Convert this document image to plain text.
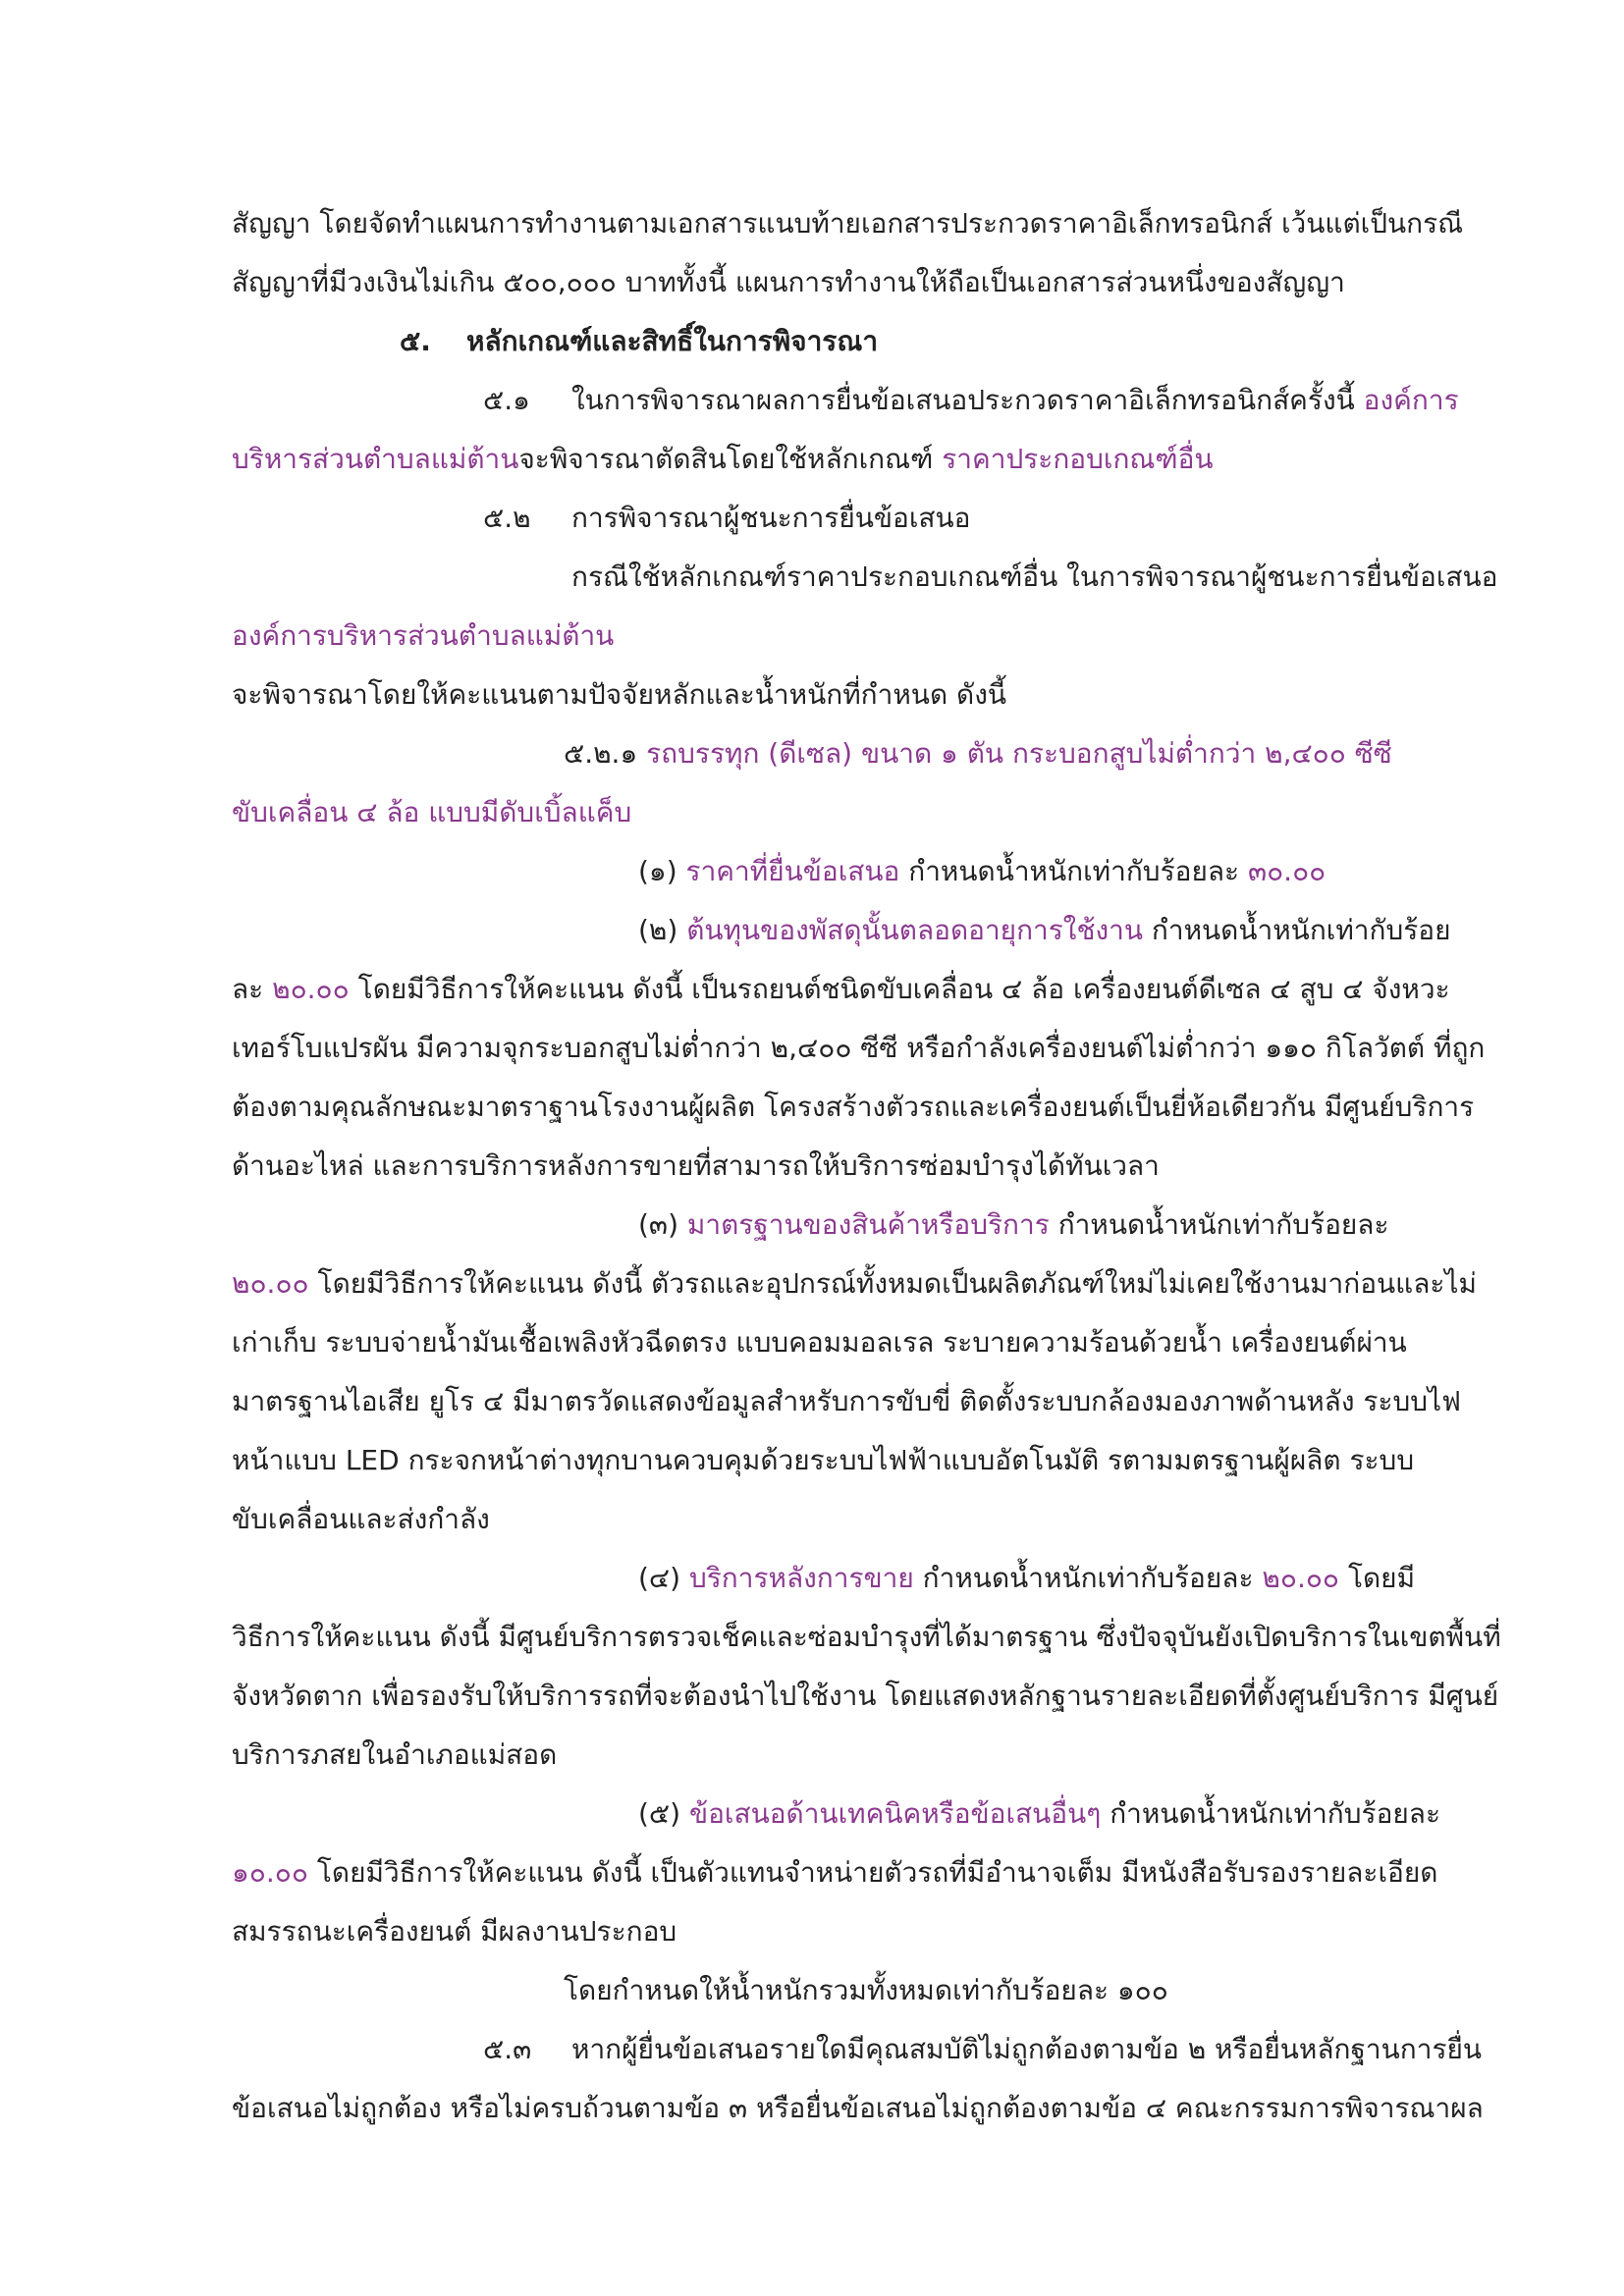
สัญญา โดยจัดทำแผนการทำงานตามเอกสารแนบท้ายเอกสารประกวดราคาอิเล็กทรอนิกส์ เว้นแต่เป็นกรณี
สัญญาที่มีวงเงินไม่เกิน ๕๐๐,๐๐๐ บาททั้งนี้ แผนการทำงานให้ถือเป็นเอกสารส่วนหนึ่งของสัญญา
๕. หลักเกณฑ์และสิทธิ์ในการพิจารณา
๕.๑ ในการพิจารณาผลการยื่นข้อเสนอประกวดราคาอิเล็กทรอนิกส์ครั้งนี้ องค์การ
บริหารส่วนตำบลแม่ต้านจะพิจารณาตัดสินโดยใช้หลักเกณฑ์ ราคาประกอบเกณฑ์อื่น
๕.๒ การพิจารณาผู้ชนะการยื่นข้อเสนอ
กรณีใช้หลักเกณฑ์ราคาประกอบเกณฑ์อื่น ในการพิจารณาผู้ชนะการยื่นข้อเสนอ
องค์การบริหารส่วนตำบลแม่ต้าน
จะพิจารณาโดยให้คะแนนตามปัจจัยหลักและน้ำหนักที่กำหนด ดังนี้
๕.๒.๑ รถบรรทุก (ดีเซล) ขนาด ๑ ตัน กระบอกสูบไม่ต่ำกว่า ๒,๔๐๐ ซีซี
ขับเคลื่อน ๔ ล้อ แบบมีดับเบิ้ลแค็บ
(๑) ราคาที่ยื่นข้อเสนอ กำหนดน้ำหนักเท่ากับร้อยละ ๓๐.๐๐
(๒) ต้นทุนของพัสดุนั้นตลอดอายุการใช้งาน กำหนดน้ำหนักเท่ากับร้อย
ละ ๒๐.๐๐ โดยมีวิธีการให้คะแนน ดังนี้ เป็นรถยนต์ชนิดขับเคลื่อน ๔ ล้อ เครื่องยนต์ดีเซล ๔ สูบ ๔ จังหวะ
เทอร์โบแปรผัน มีความจุกระบอกสูบไม่ต่ำกว่า ๒,๔๐๐ ซีซี หรือกำลังเครื่องยนต์ไม่ต่ำกว่า ๑๑๐ กิโลวัตต์ ที่ถูก
ต้องตามคุณลักษณะมาตราฐานโรงงานผู้ผลิต โครงสร้างตัวรถและเครื่องยนต์เป็นยี่ห้อเดียวกัน มีศูนย์บริการ
ด้านอะไหล่ และการบริการหลังการขายที่สามารถให้บริการซ่อมบำรุงได้ทันเวลา
(๓) มาตรฐานของสินค้าหรือบริการ กำหนดน้ำหนักเท่ากับร้อยละ
๒๐.๐๐ โดยมีวิธีการให้คะแนน ดังนี้ ตัวรถและอุปกรณ์ทั้งหมดเป็นผลิตภัณฑ์ใหม่ไม่เคยใช้งานมาก่อนและไม่
เก่าเก็บ ระบบจ่ายน้ำมันเชื้อเพลิงหัวฉีดตรง แบบคอมมอลเรล ระบายความร้อนด้วยน้ำ เครื่องยนต์ผ่าน
มาตรฐานไอเสีย ยูโร ๔ มีมาตรวัดแสดงข้อมูลสำหรับการขับขี่ ติดตั้งระบบกล้องมองภาพด้านหลัง ระบบไฟ
หน้าแบบ LED กระจกหน้าต่างทุกบานควบคุมด้วยระบบไฟฟ้าแบบอัตโนมัติ รตามมตรฐานผู้ผลิต ระบบ
ขับเคลื่อนและส่งกำลัง
(๔) บริการหลังการขาย กำหนดน้ำหนักเท่ากับร้อยละ ๒๐.๐๐ โดยมี
วิธีการให้คะแนน ดังนี้ มีศูนย์บริการตรวจเช็คและซ่อมบำรุงที่ได้มาตรฐาน ซึ่งปัจจุบันยังเปิดบริการในเขตพื้นที่
จังหวัดตาก เพื่อรองรับให้บริการรถที่จะต้องนำไปใช้งาน โดยแสดงหลักฐานรายละเอียดที่ตั้งศูนย์บริการ มีศูนย์
บริการภสยในอำเภอแม่สอด
(๕) ข้อเสนอด้านเทคนิคหรือข้อเสนอื่นๆ กำหนดน้ำหนักเท่ากับร้อยละ
๑๐.๐๐ โดยมีวิธีการให้คะแนน ดังนี้ เป็นตัวแทนจำหน่ายตัวรถที่มีอำนาจเต็ม มีหนังสือรับรองรายละเอียด
สมรรถนะเครื่องยนต์ มีผลงานประกอบ
โดยกำหนดให้น้ำหนักรวมทั้งหมดเท่ากับร้อยละ ๑๐๐
๕.๓ หากผู้ยื่นข้อเสนอรายใดมีคุณสมบัติไม่ถูกต้องตามข้อ ๒ หรือยื่นหลักฐานการยื่น
ข้อเสนอไม่ถูกต้อง หรือไม่ครบถ้วนตามข้อ ๓ หรือยื่นข้อเสนอไม่ถูกต้องตามข้อ ๔ คณะกรรมการพิจารณาผล
